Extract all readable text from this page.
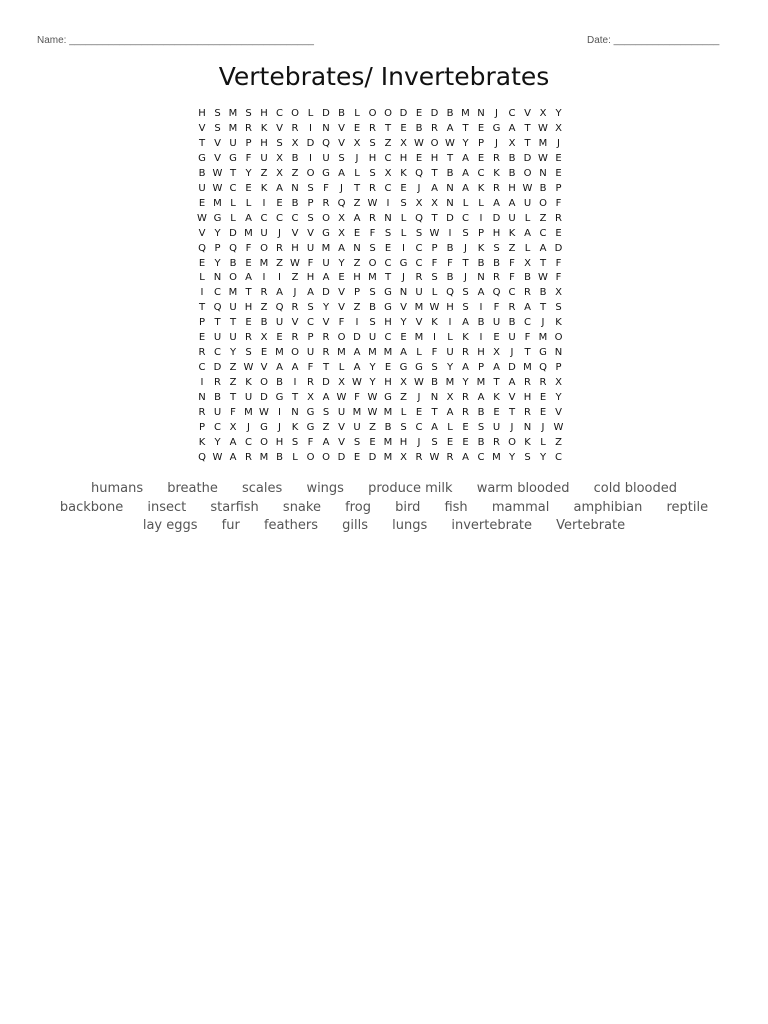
Name: ____________________________________________	Date: ___________________
Vertebrates/ Invertebrates
H S M S H C O L D B L O O D E D B M N	J	C V X Y
V S M R K V R	I	N V E R T E B R A T E G A T W X
T V U P H S X D Q V X S Z X W O W Y P	J	X T M J
G V G F U X B	I	U S	J	H C H E H T A E R B D W E
B W T Y Z X Z O G A L S X K Q T B A C K B O N E
U W C E K A N S F	J	T R C E	J	A N A K R H W B P
E M L L	I	E B P R Q Z W I	S X X N L L A A U O F
W G L A C C C S O X A R N L Q T D C	I	D U L Z R
V Y D M U	J	V V G X E F S L S W I	S P H K A C E
Q P Q F O R H U M A N S E	I	C P B	J	K S Z L A D
E Y B E M Z W F U Y Z O C G C F F T B B F X T F
L N O A	I	I	Z H A E H M T	J	R S B	J	N R F B W F
I	C M T R A	J	A D V P S G N U L Q S A Q C R B X
T Q U H Z Q R S Y V Z B G V M W H S	I	F R A T S
P T T E B U V C V F	I	S H Y V K	I	A B U B C	J	K
E U U R X E R P R O D U C E M I	L K	I	E U F M O
R C Y S E M O U R M A M M A L F U R H X	J	T G N
C D Z W V A A F T L A Y E G G S Y A P A D M Q P
I	R Z K O B	I	R D X W Y H X W B M Y M T A R R X
N B T U D G T X A W F W G Z	J	N X R A K V H E Y
R U F M W I	N G S U M W M L E T A R B E T R E V
P C X	J	G	J	K G Z V U Z B S C A L E S U	J	N	J W
K Y A C O H S F A V S E M H	J	S E E B R O K L Z
Q W A R M B L O O D E D M X R W R A C M Y S Y C
humans breathe scales wings produce milk warm blooded cold blooded backbone insect starfish snake frog bird fish mammal amphibian reptile lay eggs fur feathers gills lungs invertebrate Vertebrate
